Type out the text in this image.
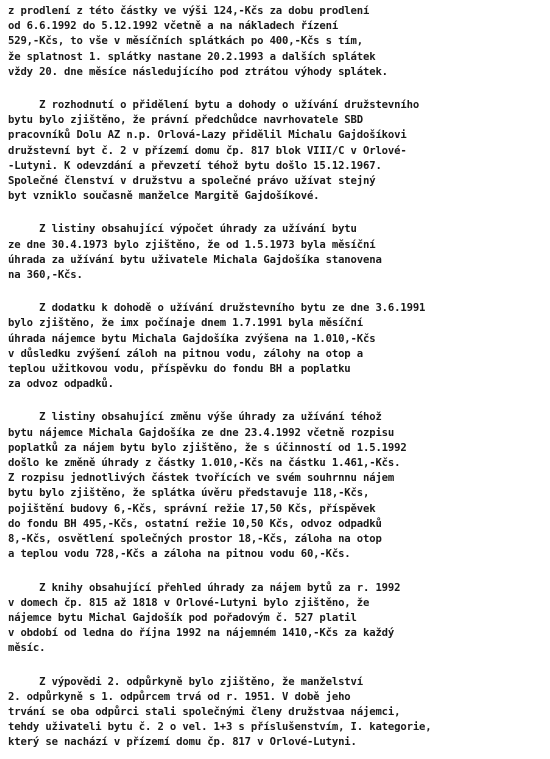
z prodlení z této částky ve výši 124,-Kčs za dobu prodlení
od 6.6.1992 do 5.12.1992 včetně a na nákladech řízení
529,-Kčs, to vše v měsíčních splátkách po 400,-Kčs s tím,
že splatnost 1. splátky nastane 20.2.1993 a dalších splátek
vždy 20. dne měsíce následujícího pod ztrátou výhody splátek.
Z rozhodnutí o přidělení bytu a dohody o užívání družstevního
bytu bylo zjištěno, že právní předchůdce navrhovatele SBD
pracovníků Dolu AZ n.p. Orlová-Lazy přidělil Michalu Gajdošíkovi
družstevní byt č. 2 v přízemí domu čp. 817 blok VIII/C v Orlové-
-Lutyni. K odevzdání a převzetí téhož bytu došlo 15.12.1967.
Společné členství v družstvu a společné právo užívat stejný
byt vzniklo současně manželce Margitě Gajdošíkové.
Z listiny obsahující výpočet úhrady za užívání bytu
ze dne 30.4.1973 bylo zjištěno, že od 1.5.1973 byla měsíční
úhrada za užívání bytu uživatele Michala Gajdošíka stanovena
na 360,-Kčs.
Z dodatku k dohodě o užívání družstevního bytu ze dne 3.6.1991
bylo zjištěno, že imx počínaje dnem 1.7.1991 byla měsíční
úhrada nájemce bytu Michala Gajdošíka zvýšena na 1.010,-Kčs
v důsledku zvýšení záloh na pitnou vodu, zálohy na otop a
teplou užitkovou vodu, příspěvku do fondu BH a poplatku
za odvoz odpadků.
Z listiny obsahující změnu výše úhrady za užívání téhož
bytu nájemce Michala Gajdošíka ze dne 23.4.1992 včetně rozpisu
poplatků za nájem bytu bylo zjištěno, že s účinností od 1.5.1992
došlo ke změně úhrady z částky 1.010,-Kčs na částku 1.461,-Kčs.
Z rozpisu jednotlivých částek tvořících ve svém souhrnnu nájem
bytu bylo zjištěno, že splátka úvěru představuje 118,-Kčs,
pojištění budovy 6,-Kčs, správní režie 17,50 Kčs, příspěvek
do fondu BH 495,-Kčs, ostatní režie 10,50 Kčs, odvoz odpadků
8,-Kčs, osvětlení společných prostor 18,-Kčs, záloha na otop
a teplou vodu 728,-Kčs a záloha na pitnou vodu 60,-Kčs.
Z knihy obsahující přehled úhrady za nájem bytů za r. 1992
v domech čp. 815 až 1818 v Orlové-Lutyni bylo zjištěno, že
nájemce bytu Michal Gajdošík pod pořadovým č. 527 platil
v období od ledna do října 1992 na nájemném 1410,-Kčs za každý
měsíc.
Z výpovědi 2. odpůrkyně bylo zjištěno, že manželství
2. odpůrkyně s 1. odpůrcem trvá od r. 1951. V době jeho
trvání se oba odpůrci stali společnými členy družstvaa nájemci,
tehdy uživateli bytu č. 2 o vel. 1+3 s příslušenstvím, I. kategorie,
který se nachází v přízemí domu čp. 817 v Orlové-Lutyni.
